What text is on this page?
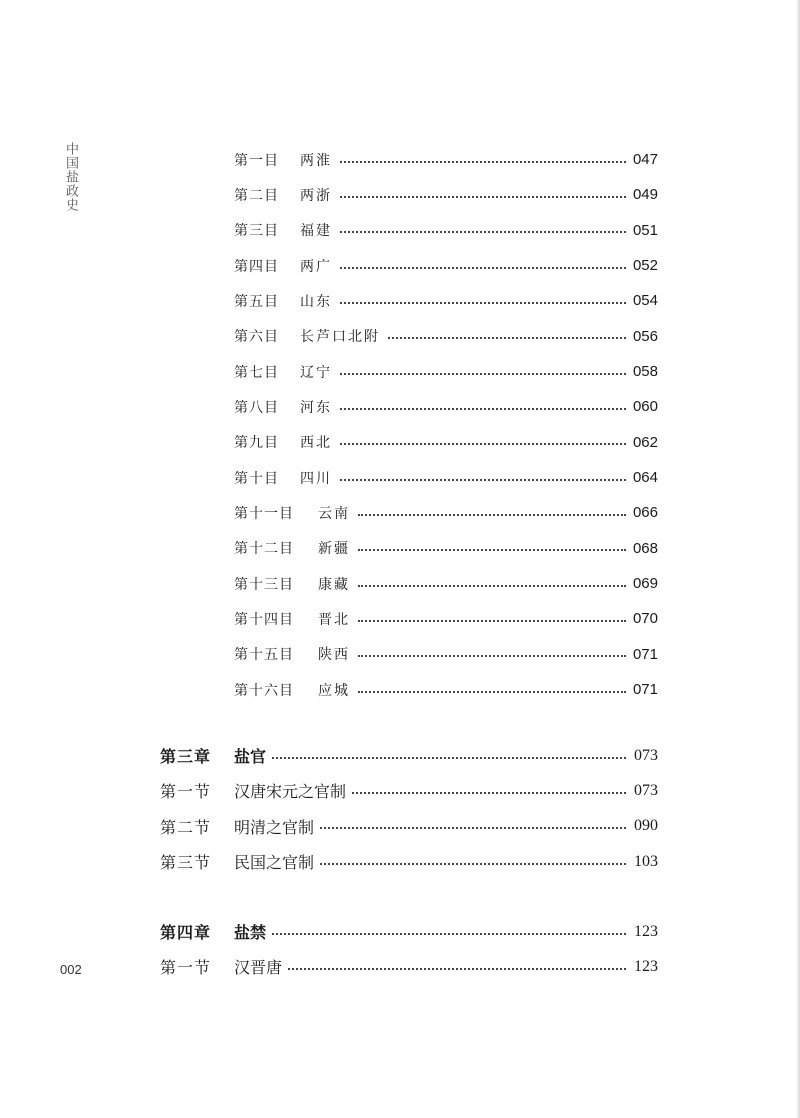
中国盐政史
002
第一目	两淮	047
第二目	两浙	049
第三目	福建	051
第四目	两广	052
第五目	山东	054
第六目	长芦口北附	056
第七目	辽宁	058
第八目	河东	060
第九目	西北	062
第十目	四川	064
第十一目	云南	066
第十二目	新疆	068
第十三目	康藏	069
第十四目	晋北	070
第十五目	陕西	071
第十六目	应城	071
第三章	盐官	073
第一节	汉唐宋元之官制	073
第二节	明清之官制	090
第三节	民国之官制	103
第四章	盐禁	123
第一节	汉晋唐	123
